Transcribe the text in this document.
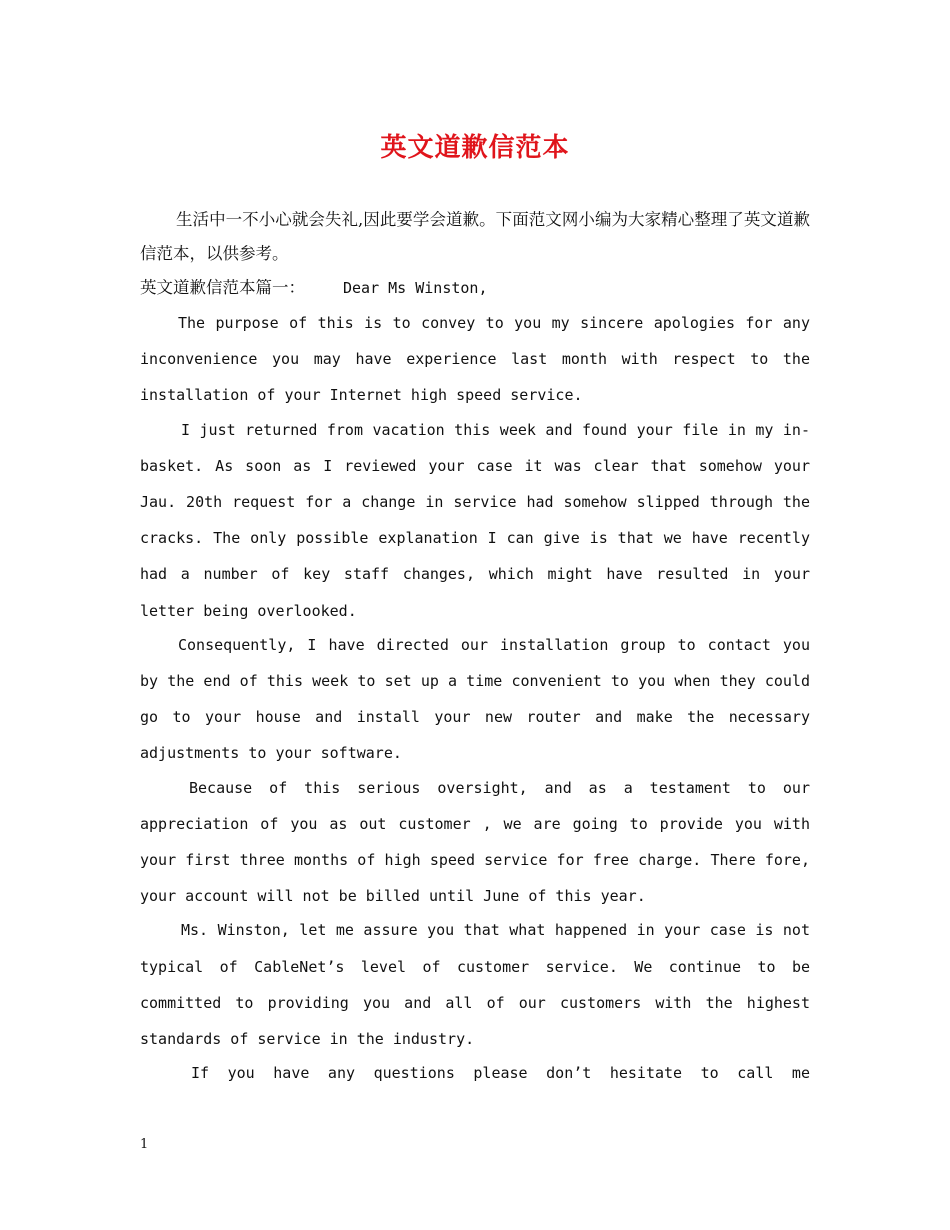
英文道歉信范本

生活中一不小心就会失礼,因此要学会道歉。下面范文网小编为大家精心整理了英文道歉信范本，以供参考。

英文道歉信范本篇一：	Dear Ms Winston,

The purpose of this is to convey to you my sincere apologies for any inconvenience you may have experience last month with respect to the installation of your Internet high speed service.

I just returned from vacation this week and found your file in my in-basket. As soon as I reviewed your case it was clear that somehow your Jau. 20th request for a change in service had somehow slipped through the cracks. The only possible explanation I can give is that we have recently had a number of key staff changes, which might have resulted in your letter being overlooked.

Consequently, I have directed our installation group to contact you by the end of this week to set up a time convenient to you when they could go to your house and install your new router and make the necessary adjustments to your software.

Because of this serious oversight, and as a testament to our appreciation of you as out customer , we are going to provide you with your first three months of high speed service for free charge. There fore, your account will not be billed until June of this year.

Ms. Winston, let me assure you that what happened in your case is not typical of CableNet’s level of customer service. We continue to be committed to providing you and all of our customers with the highest standards of service in the industry.

If you have any questions please don’t hesitate to call me

1
